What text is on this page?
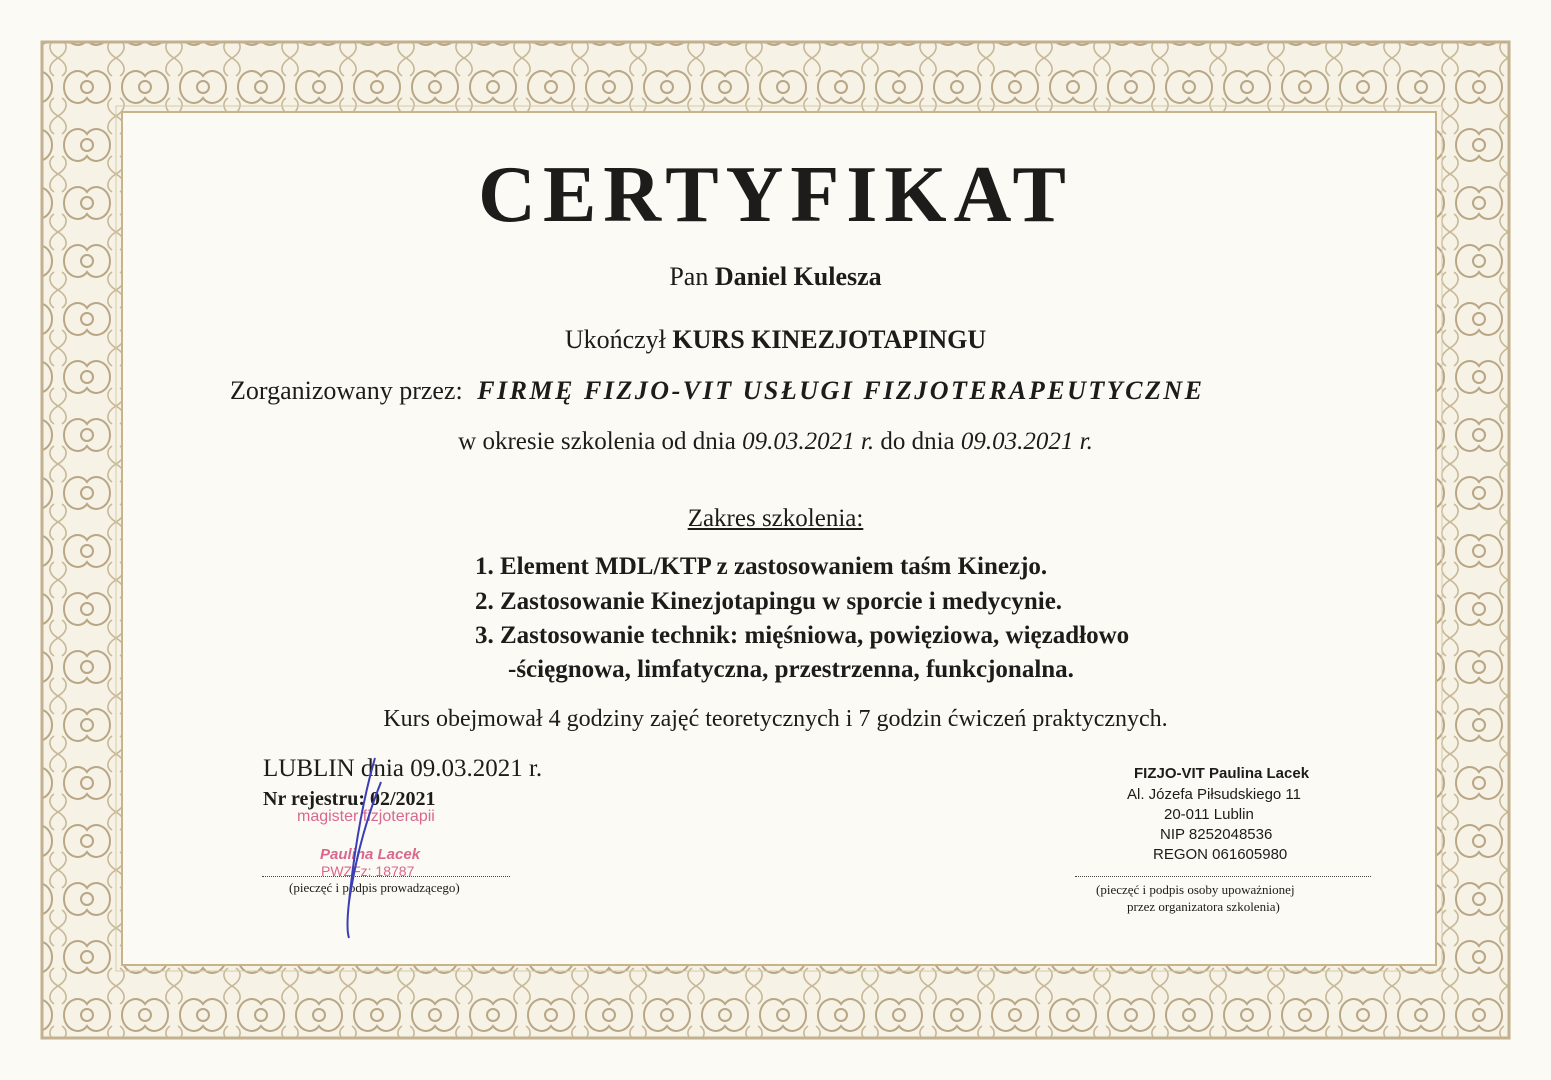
CERTYFIKAT
Pan Daniel Kulesza
Ukończył KURS KINEZJOTAPINGU
Zorganizowany przez: FIRMĘ FIZJO-VIT USŁUGI FIZJOTERAPEUTYCZNE
w okresie szkolenia od dnia 09.03.2021 r. do dnia 09.03.2021 r.
Zakres szkolenia:
1. Element MDL/KTP z zastosowaniem taśm Kinezjo.
2. Zastosowanie Kinezjotapingu w sporcie i medycynie.
3. Zastosowanie technik: mięśniowa, powięziowa, więzadłowo
-ścięgnowa, limfatyczna, przestrzenna, funkcjonalna.
Kurs obejmował 4 godziny zajęć teoretycznych i 7 godzin ćwiczeń praktycznych.
LUBLIN dnia 09.03.2021 r.
Nr rejestru: 02/2021
magister fizjoterapii
Paulina Lacek
PWZFz: 18787
(pieczęć i podpis prowadzącego)
FIZJO-VIT Paulina Lacek
Al. Józefa Piłsudskiego 11
20-011 Lublin
NIP 8252048536
REGON 061605980
(pieczęć i podpis osoby upoważnionej
przez organizatora szkolenia)
